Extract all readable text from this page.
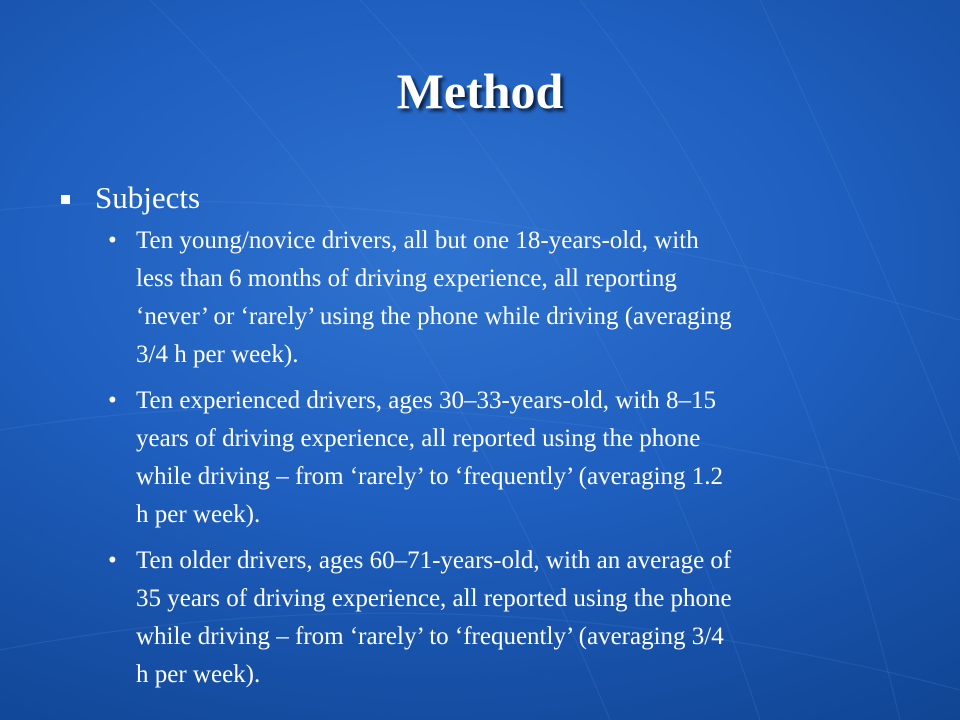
Method
Subjects
• Ten young/novice drivers, all but one 18-years-old, with
less than 6 months of driving experience, all reporting
‘never’ or ‘rarely’ using the phone while driving (averaging
3/4 h per week).
• Ten experienced drivers, ages 30–33-years-old, with 8–15
years of driving experience, all reported using the phone
while driving – from ‘rarely’ to ‘frequently’ (averaging 1.2
h per week).
• Ten older drivers, ages 60–71-years-old, with an average of
35 years of driving experience, all reported using the phone
while driving – from ‘rarely’ to ‘frequently’ (averaging 3/4
h per week).
